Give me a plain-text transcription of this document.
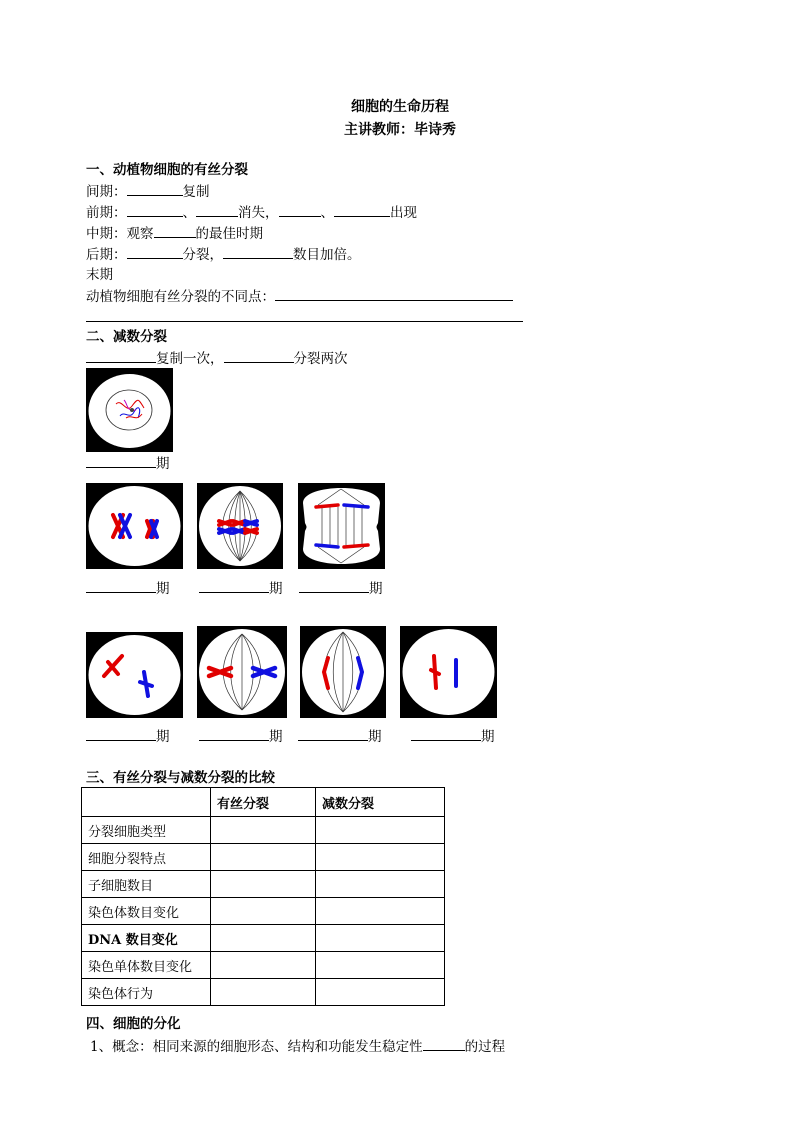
细胞的生命历程
主讲教师：毕诗秀
一、动植物细胞的有丝分裂
间期：	复制
前期：	、	消失，	、	出现
中期：观察	的最佳时期
后期：	分裂，	数目加倍。
末期
动植物细胞有丝分裂的不同点：
二、减数分裂
复制一次，	分裂两次
期
期	期	期
期	期	期	期
三、有丝分裂与减数分裂的比较
	有丝分裂	减数分裂
分裂细胞类型		
细胞分裂特点		
子细胞数目		
染色体数目变化		
DNA 数目变化		
染色单体数目变化		
染色体行为		
四、细胞的分化
1、概念：相同来源的细胞形态、结构和功能发生稳定性	的过程
